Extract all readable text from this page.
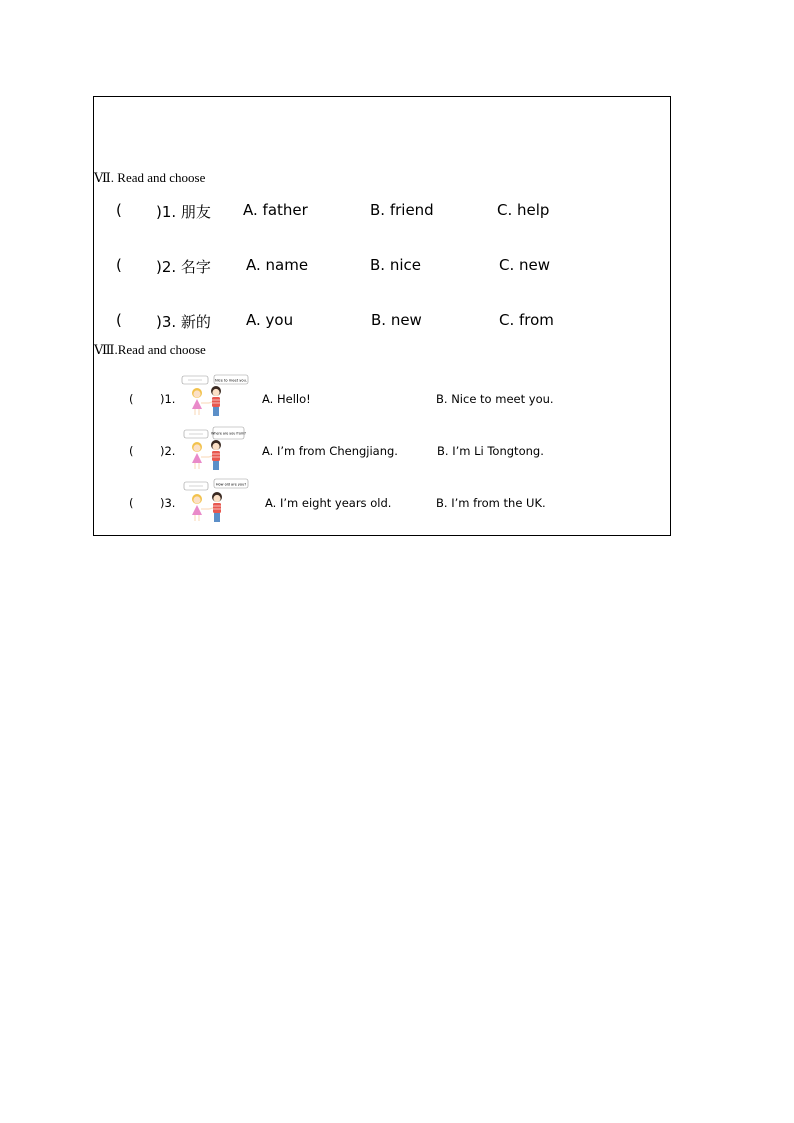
Ⅶ. Read and choose
( )1. 朋友 A. father	B. friend	C. help
( )2. 名字 A. name	B. nice	C. new
( )3. 新的 A. you	B. new	C. from
Ⅷ.Read and choose
( )1.
Nice to meet you.
A. Hello!	B. Nice to meet you.
( )2.
Where are you from?
A. I’m from Chengjiang.	B. I’m Li Tongtong.
( )3.
How old are you?
A. I’m eight years old.	B. I’m from the UK.
